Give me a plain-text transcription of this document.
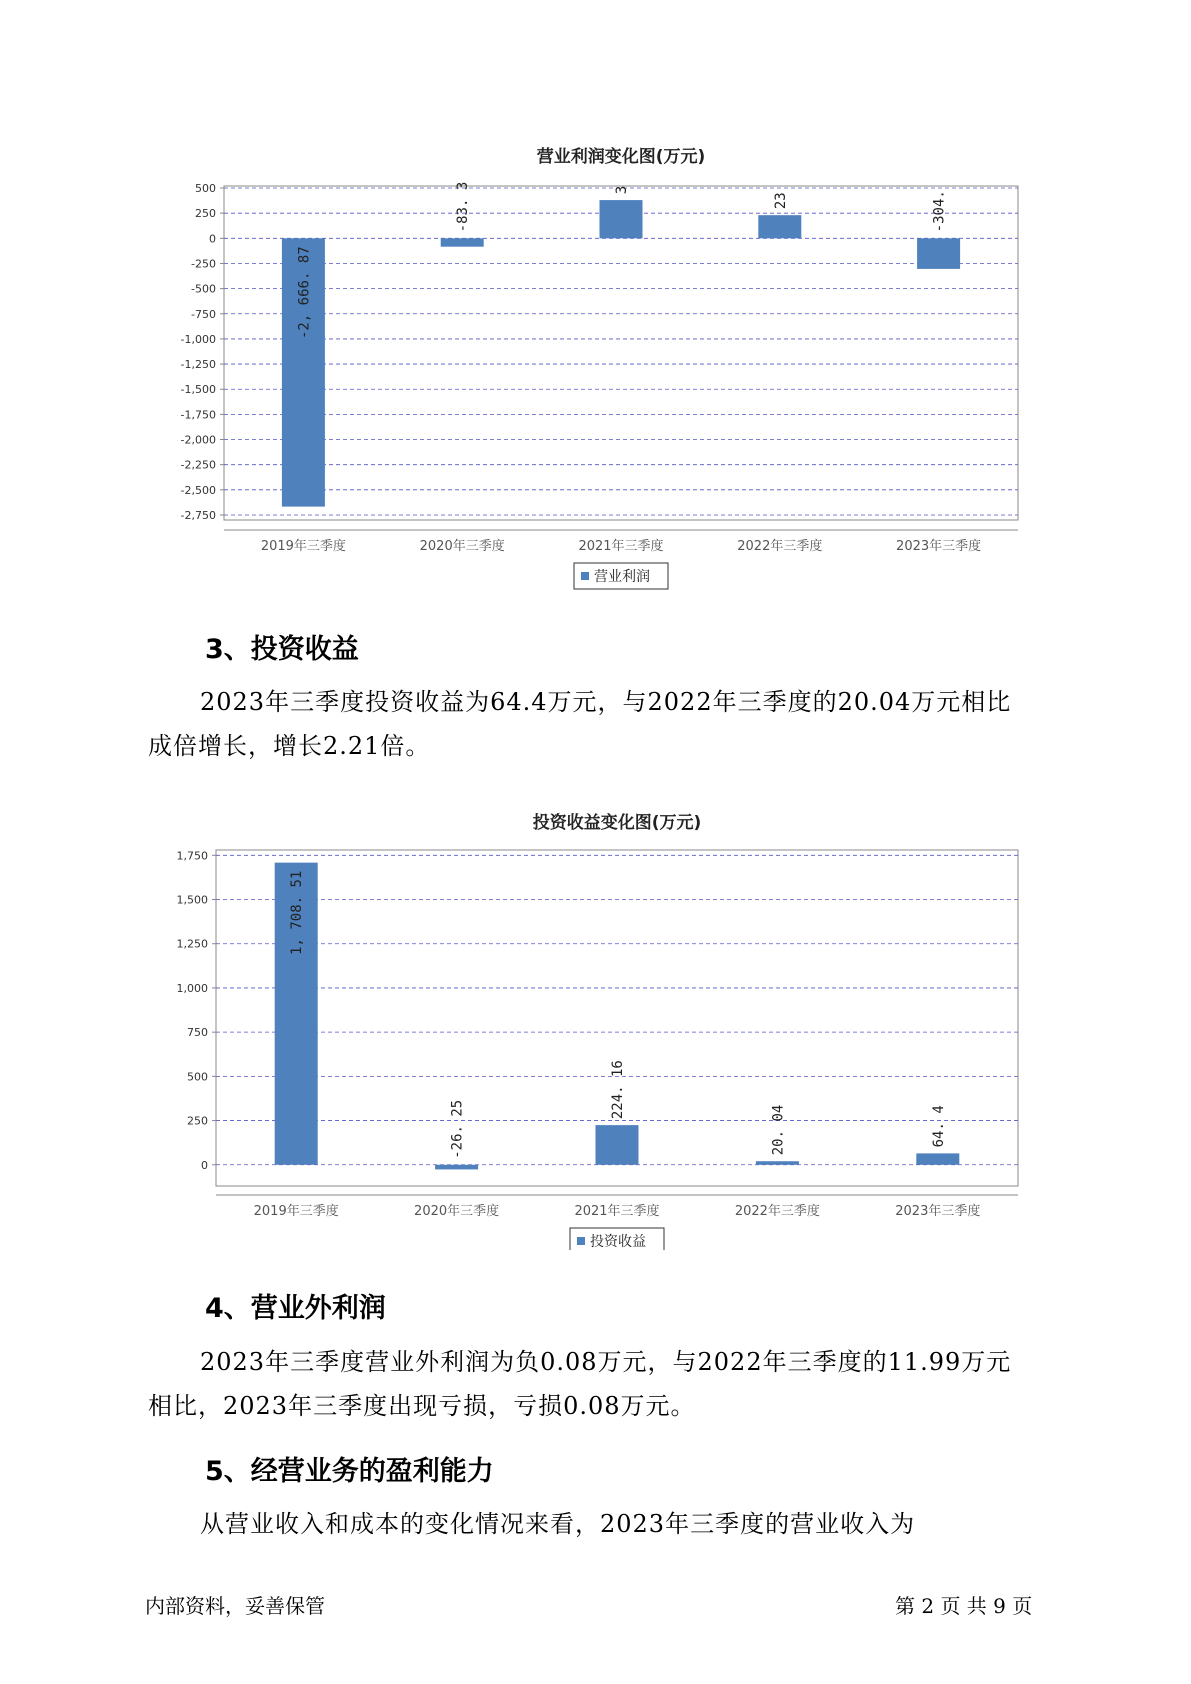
营业利润变化图(万元)
500
250
0
-250
-500
-750
-1,000
-1,250
-1,500
-1,750
-2,000
-2,250
-2,500
-2,750
-2, 666. 87
2019年三季度
-83. 3
2020年三季度
3
2021年三季度
23
2022年三季度
-304.
2023年三季度
营业利润
投资收益变化图(万元)
1,750
1,500
1,250
1,000
750
500
250
0
1, 708. 51
2019年三季度
-26. 25
2020年三季度
224. 16
2021年三季度
20. 04
2022年三季度
64. 4
2023年三季度
投资收益
3、投资收益

2023年三季度投资收益为64.4万元，与2022年三季度的20.04万元相比
成倍增长，增长2.21倍。

4、营业外利润

2023年三季度营业外利润为负0.08万元，与2022年三季度的11.99万元
相比，2023年三季度出现亏损，亏损0.08万元。

5、经营业务的盈利能力

从营业收入和成本的变化情况来看，2023年三季度的营业收入为

内部资料，妥善保管	第 2 页 共 9 页
